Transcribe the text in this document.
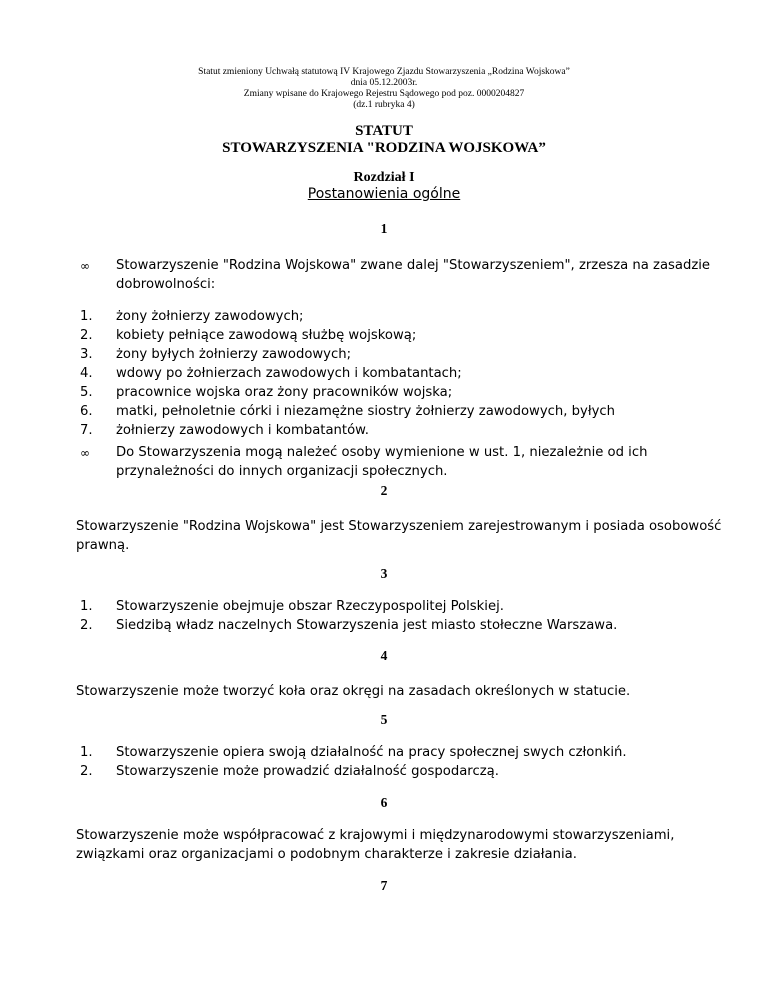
Statut zmieniony Uchwałą statutową IV Krajowego Zjazdu Stowarzyszenia „Rodzina Wojskowa”
dnia 05.12.2003r.
Zmiany wpisane do Krajowego Rejestru Sądowego pod poz. 0000204827
(dz.1 rubryka 4)
STATUT
STOWARZYSZENIA "RODZINA WOJSKOWA”
Rozdział I
Postanowienia ogólne
1
∞ Stowarzyszenie "Rodzina Wojskowa" zwane dalej "Stowarzyszeniem", zrzesza na zasadzie
dobrowolności:
1.	żony żołnierzy zawodowych;
2.	kobiety pełniące zawodową służbę wojskową;
3.	żony byłych żołnierzy zawodowych;
4.	wdowy po żołnierzach zawodowych i kombatantach;
5.	pracownice wojska oraz żony pracowników wojska;
6.	matki, pełnoletnie córki i niezamężne siostry żołnierzy zawodowych, byłych
7.	żołnierzy zawodowych i kombatantów.
∞ Do Stowarzyszenia mogą należeć osoby wymienione w ust. 1, niezależnie od ich
przynależności do innych organizacji społecznych.
2
Stowarzyszenie "Rodzina Wojskowa" jest Stowarzyszeniem zarejestrowanym i posiada osobowość
prawną.
3
1.	Stowarzyszenie obejmuje obszar Rzeczypospolitej Polskiej.
2.	Siedzibą władz naczelnych Stowarzyszenia jest miasto stołeczne Warszawa.
4
Stowarzyszenie może tworzyć koła oraz okręgi na zasadach określonych w statucie.
5
1.	Stowarzyszenie opiera swoją działalność na pracy społecznej swych członkiń.
2.	Stowarzyszenie może prowadzić działalność gospodarczą.
6
Stowarzyszenie może współpracować z krajowymi i międzynarodowymi stowarzyszeniami,
związkami oraz organizacjami o podobnym charakterze i zakresie działania.
7
